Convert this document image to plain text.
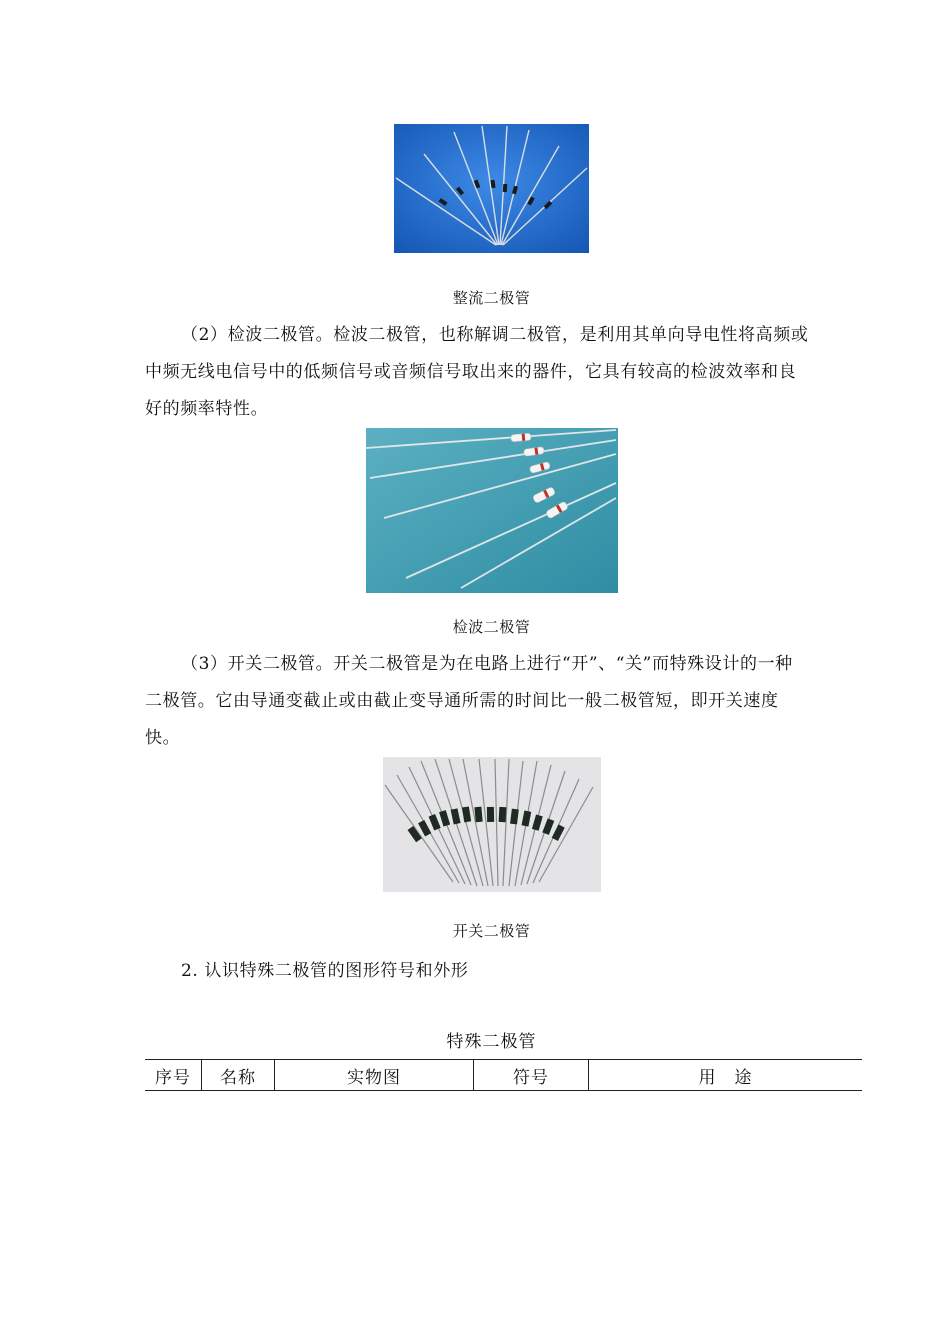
整流二极管
（2）检波二极管。检波二极管，也称解调二极管，是利用其单向导电性将高频或中频无线电信号中的低频信号或音频信号取出来的器件，它具有较高的检波效率和良好的频率特性。
检波二极管
（3）开关二极管。开关二极管是为在电路上进行“开”、“关”而特殊设计的一种二极管。它由导通变截止或由截止变导通所需的时间比一般二极管短，即开关速度快。
开关二极管
2. 认识特殊二极管的图形符号和外形
特殊二极管
序号	名称	实物图	符号	用　途
